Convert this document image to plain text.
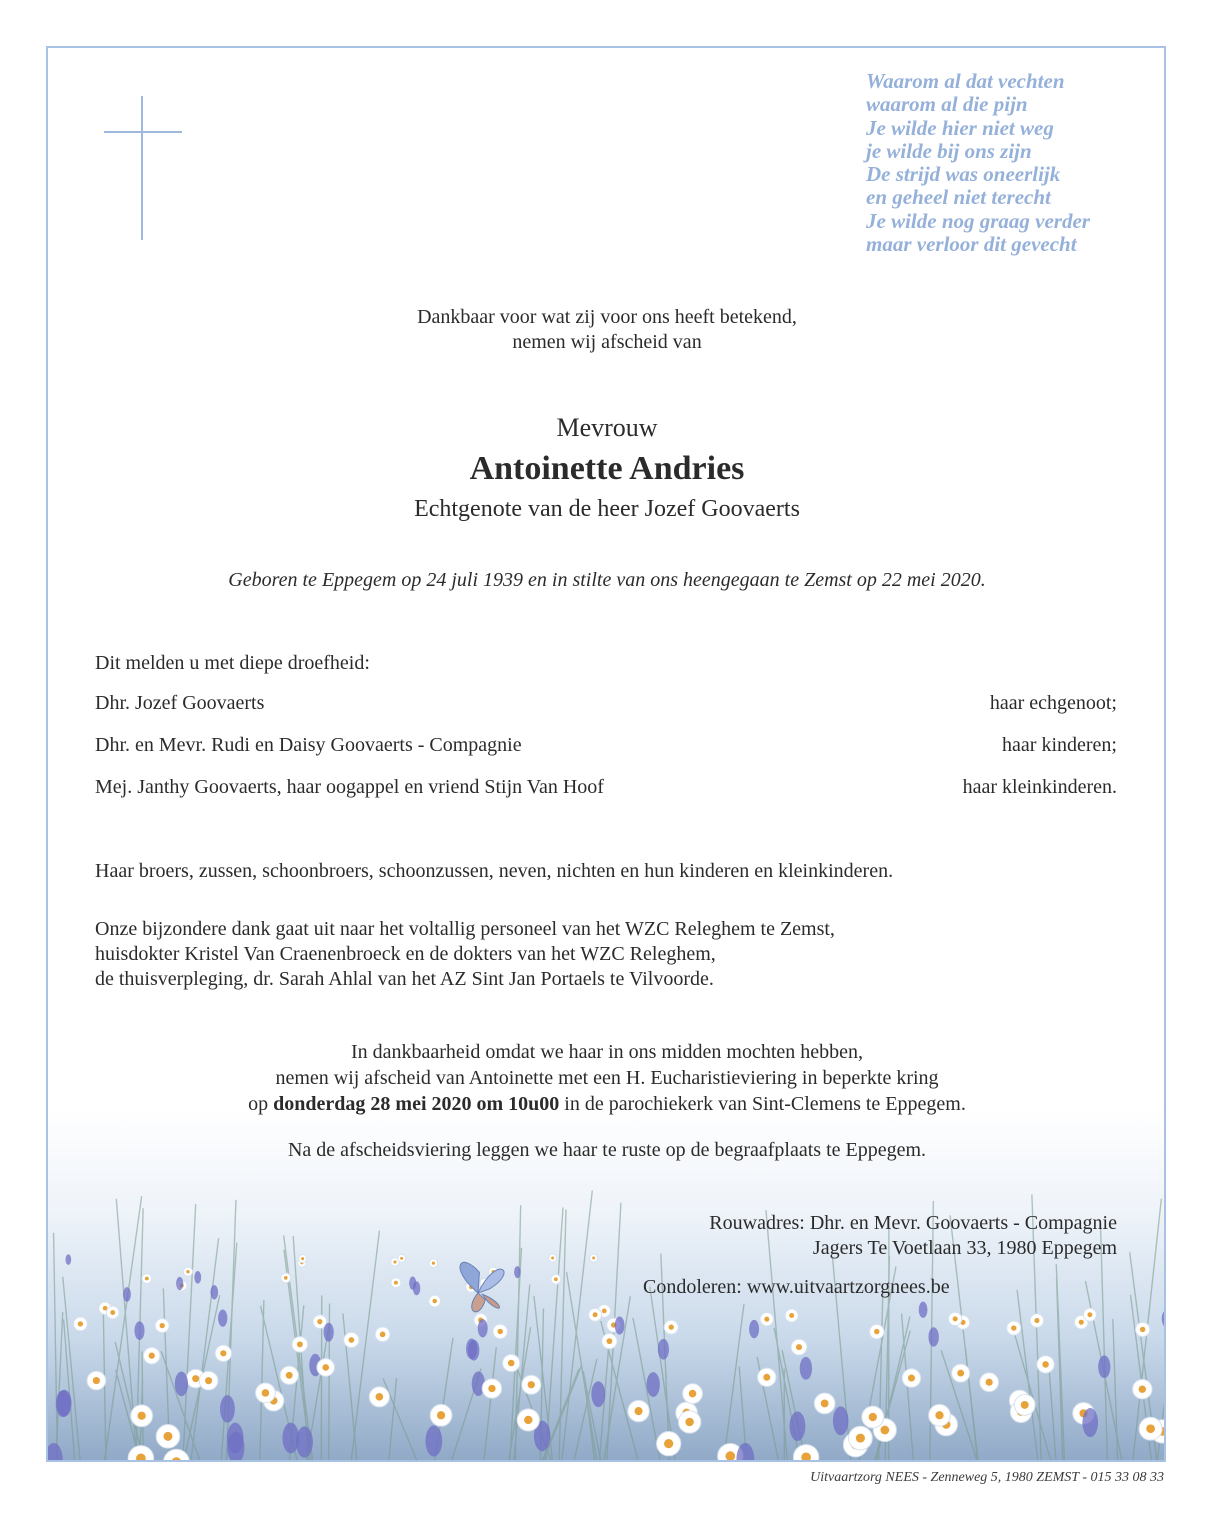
Waarom al dat vechten
waarom al die pijn
Je wilde hier niet weg
je wilde bij ons zijn
De strijd was oneerlijk
en geheel niet terecht
Je wilde nog graag verder
maar verloor dit gevecht
Dankbaar voor wat zij voor ons heeft betekend,
nemen wij afscheid van
Mevrouw
Antoinette Andries
Echtgenote van de heer Jozef Goovaerts
Geboren te Eppegem op 24 juli 1939 en in stilte van ons heengegaan te Zemst op 22 mei 2020.
Dit melden u met diepe droefheid:
Dhr. Jozef Goovaerts	haar echgenoot;
Dhr. en Mevr. Rudi en Daisy Goovaerts - Compagnie	haar kinderen;
Mej. Janthy Goovaerts, haar oogappel en vriend Stijn Van Hoof	haar kleinkinderen.
Haar broers, zussen, schoonbroers, schoonzussen, neven, nichten en hun kinderen en kleinkinderen.
Onze bijzondere dank gaat uit naar het voltallig personeel van het WZC Releghem te Zemst,
huisdokter Kristel Van Craenenbroeck en de dokters van het WZC Releghem,
de thuisverpleging, dr. Sarah Ahlal van het AZ Sint Jan Portaels te Vilvoorde.
In dankbaarheid omdat we haar in ons midden mochten hebben,
nemen wij afscheid van Antoinette met een H. Eucharistieviering in beperkte kring
op donderdag 28 mei 2020 om 10u00 in de parochiekerk van Sint-Clemens te Eppegem.
Na de afscheidsviering leggen we haar te ruste op de begraafplaats te Eppegem.
Rouwadres: Dhr. en Mevr. Goovaerts - Compagnie
Jagers Te Voetlaan 33, 1980 Eppegem
Condoleren: www.uitvaartzorgnees.be
Uitvaartzorg NEES - Zenneweg 5, 1980 ZEMST - 015 33 08 33
